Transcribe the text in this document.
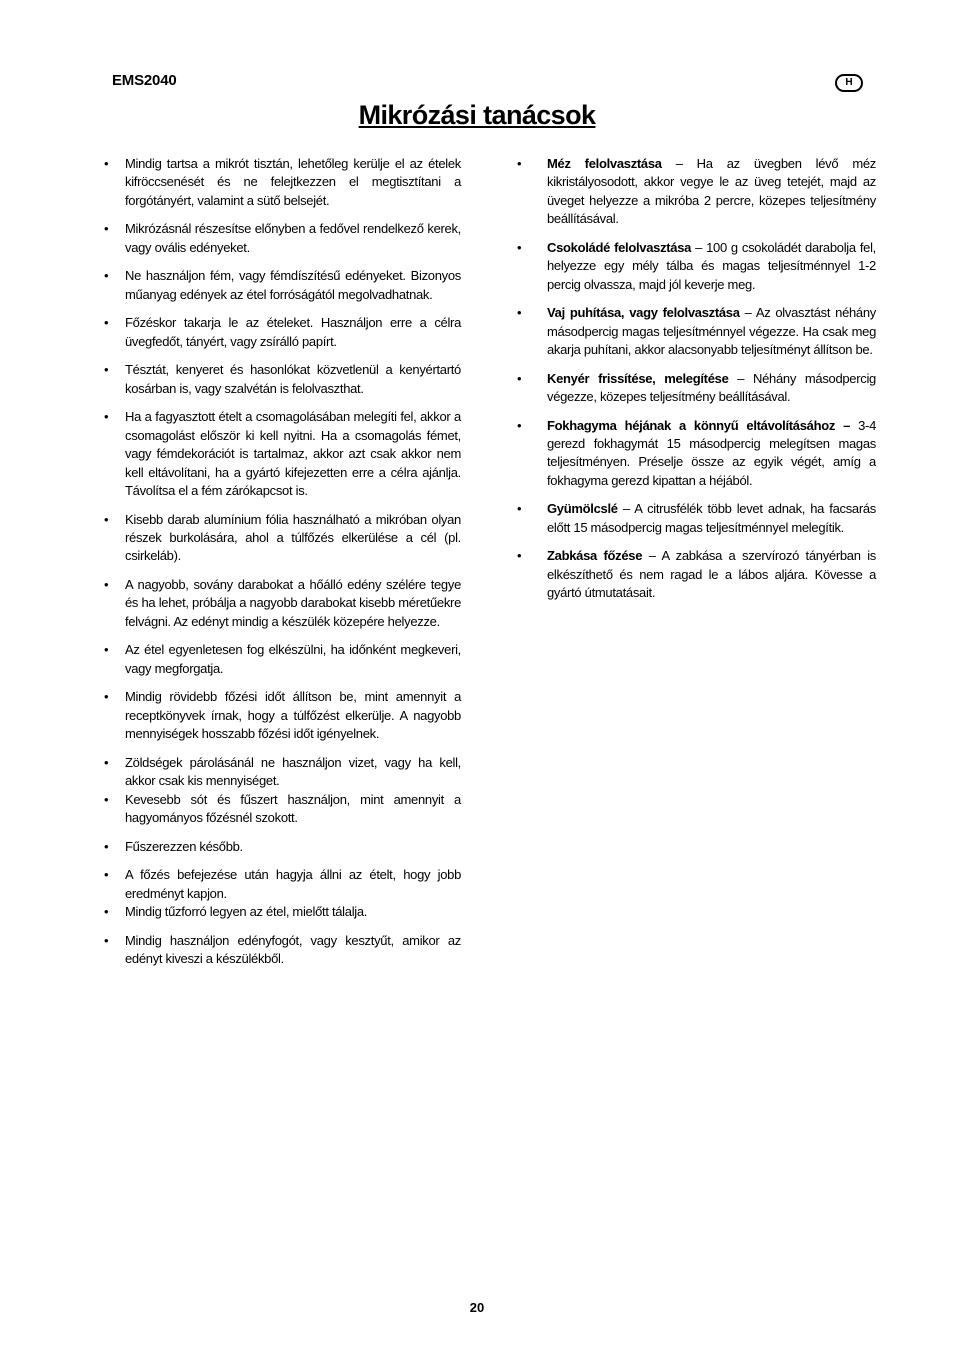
EMS2040	H
Mikrózási tanácsok
• Mindig tartsa a mikrót tisztán, lehetőleg kerülje el az ételek kifröccsenését és ne felejtkezzen el megtisztítani a forgótányért, valamint a sütő belsejét.
• Mikrózásnál részesítse előnyben a fedővel rendelkező kerek, vagy ovális edényeket.
• Ne használjon fém, vagy fémdíszítésű edényeket. Bizonyos műanyag edények az étel forróságától megolvadhatnak.
• Főzéskor takarja le az ételeket. Használjon erre a célra üvegfedőt, tányért, vagy zsírálló papírt.
• Tésztát, kenyeret és hasonlókat közvetlenül a kenyértartó kosárban is, vagy szalvétán is felolvaszthat.
• Ha a fagyasztott ételt a csomagolásában melegíti fel, akkor a csomagolást először ki kell nyitni. Ha a csomagolás fémet, vagy fémdekorációt is tartalmaz, akkor azt csak akkor nem kell eltávolítani, ha a gyártó kifejezetten erre a célra ajánlja. Távolítsa el a fém zárókapcsot is.
• Kisebb darab alumínium fólia használható a mikróban olyan részek burkolására, ahol a túlfőzés elkerülése a cél (pl. csirkeláb).
• A nagyobb, sovány darabokat a hőálló edény szélére tegye és ha lehet, próbálja a nagyobb darabokat kisebb méretűekre felvágni. Az edényt mindig a készülék közepére helyezze.
• Az étel egyenletesen fog elkészülni, ha időnként megkeveri, vagy megforgatja.
• Mindig rövidebb főzési időt állítson be, mint amennyit a receptkönyvek írnak, hogy a túlfőzést elkerülje. A nagyobb mennyiségek hosszabb főzési időt igényelnek.
• Zöldségek párolásánál ne használjon vizet, vagy ha kell, akkor csak kis mennyiséget.
• Kevesebb sót és fűszert használjon, mint amennyit a hagyományos főzésnél szokott.
• Fűszerezzen később.
• A főzés befejezése után hagyja állni az ételt, hogy jobb eredményt kapjon.
• Mindig tűzforró legyen az étel, mielőtt tálalja.
• Mindig használjon edényfogót, vagy kesztyűt, amikor az edényt kiveszi a készülékből.
• Méz felolvasztása – Ha az üvegben lévő méz kikristályosodott, akkor vegye le az üveg tetejét, majd az üveget helyezze a mikróba 2 percre, közepes teljesítmény beállításával.
• Csokoládé felolvasztása – 100 g csokoládét darabolja fel, helyezze egy mély tálba és magas teljesítménnyel 1-2 percig olvassza, majd jól keverje meg.
• Vaj puhítása, vagy felolvasztása – Az olvasztást néhány másodpercig magas teljesítménnyel végezze. Ha csak meg akarja puhítani, akkor alacsonyabb teljesítményt állítson be.
• Kenyér frissítése, melegítése – Néhány másodpercig végezze, közepes teljesítmény beállításával.
• Fokhagyma héjának a könnyű eltávolításához – 3-4 gerezd fokhagymát 15 másodpercig melegítsen magas teljesítményen. Préselje össze az egyik végét, amíg a fokhagyma gerezd kipattan a héjából.
• Gyümölcslé – A citrusfélék több levet adnak, ha facsarás előtt 15 másodpercig magas teljesítménnyel melegítik.
• Zabkása főzése – A zabkása a szervírozó tányérban is elkészíthető és nem ragad le a lábos aljára. Kövesse a gyártó útmutatásait.
20
